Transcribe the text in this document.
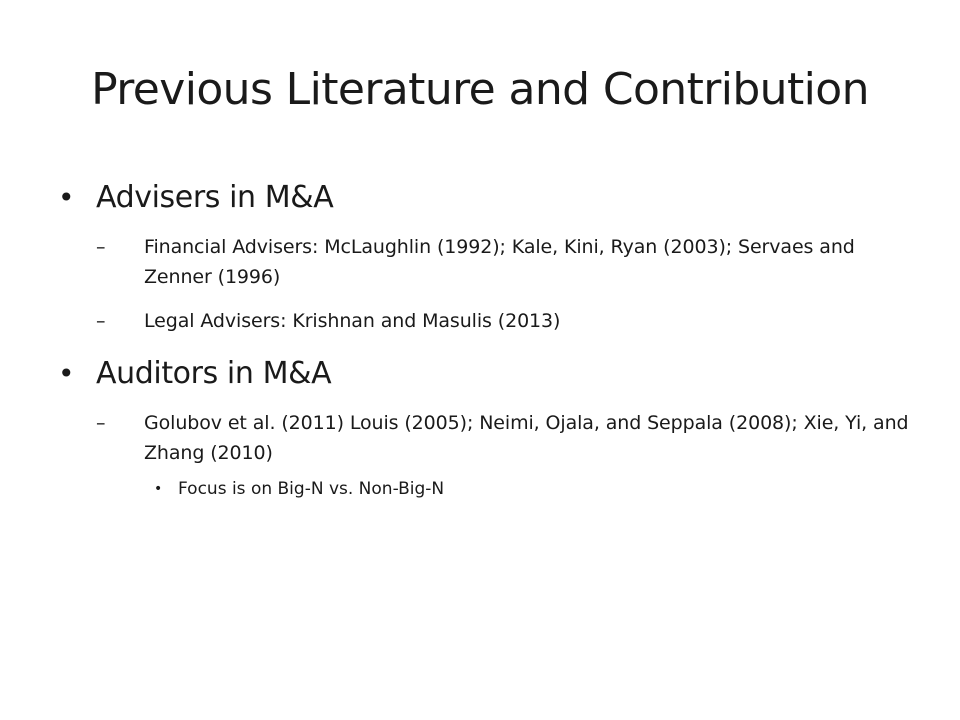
Previous Literature and Contribution
• Advisers in M&A
–	Financial Advisers: McLaughlin (1992); Kale, Kini, Ryan (2003); Servaes and Zenner (1996)
–	Legal Advisers: Krishnan and Masulis (2013)
• Auditors in M&A
–	Golubov et al. (2011) Louis (2005); Neimi, Ojala, and Seppala (2008); Xie, Yi, and Zhang (2010)
• Focus is on Big-N vs. Non-Big-N
